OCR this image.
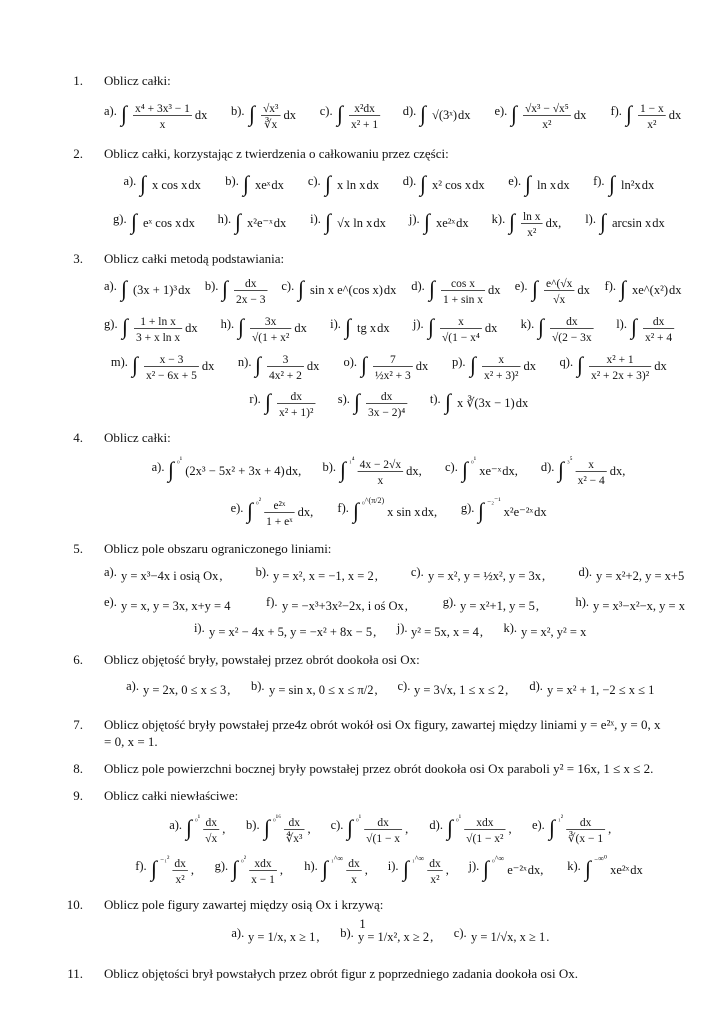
1.	Oblicz całki:
a). ∫ x⁴ + 3x³ − 1
x
dx b). ∫ √x³
∛x
dx c). ∫ x²dx
x² + 1
d). ∫ √(3ˣ) dx e). ∫ √x³ − √x⁵
x²
dx f). ∫ 1 − x
x²
dx
2.	Oblicz całki, korzystając z twierdzenia o całkowaniu przez części:
a). ∫ x cos x dx b). ∫ xeˣ dx c). ∫ x ln x dx d). ∫ x² cos x dx e). ∫ ln x dx f). ∫ ln²x dx
g). ∫ eˣ cos x dx h). ∫ x²e⁻ˣ dx i). ∫ √x ln x dx j). ∫ xe²ˣ dx k). ∫ ln x
x²
dx, l). ∫ arcsin x dx
3.	Oblicz całki metodą podstawiania:
a). ∫ (3x + 1)³ dx b). ∫ dx
2x − 3
c). ∫ sin x e^(cos x) dx d). ∫ cos x
1 + sin x
dx e). ∫ e^(√x
√x
dx f). ∫ xe^(x²) dx
g). ∫ 1 + ln x
3 + x ln x
dx h). ∫ 3x
√(1 + x²
dx i). ∫ tg x dx j). ∫ x
√(1 − x⁴
dx k). ∫ dx
√(2 − 3x
l). ∫ dx
x² + 4
m). ∫ x − 3
x² − 6x + 5
dx n). ∫ 3
4x² + 2
dx o). ∫ 7
½x² + 3
dx p). ∫ x
x² + 3)²
dx q). ∫ x² + 1
x² + 2x + 3)²
dx
r). ∫ dx
x² + 1)²
s). ∫ dx
3x − 2)⁴
t). ∫ x ∛(3x − 1) dx
4.	Oblicz całki:
a). ∫ ₀¹
(2x³ − 5x² + 3x + 4) dx, b). ∫ ₁⁴ 4x − 2√x
x
dx, c). ∫ ₀¹
xe⁻ˣ dx, d). ∫ ₃⁵ x
x² − 4
dx,
e). ∫ ₀² e²ˣ
1 + eˣ
dx, f). ∫ ₀^(π/2)
x sin x dx, g). ∫ ₋₂⁻¹
x²e⁻²ˣ dx
5.	Oblicz pole obszaru ograniczonego liniami:
a). y = x³−4x i osią Ox ,	b). y = x², x = −1, x = 2 ,	c). y = x², y = ½x², y = 3x ,	d). y = x²+2, y = x+5
e). y = x, y = 3x, x+y = 4	f). y = −x³+3x²−2x, i oś Ox ,	g). y = x²+1, y = 5 ,	h). y = x³−x²−x, y = x
i). y = x² − 4x + 5, y = −x² + 8x − 5 , j). y² = 5x, x = 4 , k). y = x², y² = x
6.	Oblicz objętość bryły, powstałej przez obrót dookoła osi Ox:
a). y = 2x, 0 ≤ x ≤ 3 , b). y = sin x, 0 ≤ x ≤ π/2 , c). y = 3√x, 1 ≤ x ≤ 2 , d). y = x² + 1, −2 ≤ x ≤ 1
7.	Oblicz objętość bryły powstałej prze4z obrót wokół osi Ox figury, zawartej między liniami y = e²ˣ, y = 0, x = 0, x = 1.
8.	Oblicz pole powierzchni bocznej bryły powstałej przez obrót dookoła osi Ox paraboli y² = 16x, 1 ≤ x ≤ 2.
9.	Oblicz całki niewłaściwe:
a). ∫ ₀¹ dx
√x
, b). ∫ ₀¹⁶ dx
∜x³
, c). ∫ ₀¹ dx
√(1 − x
, d). ∫ ₀¹ xdx
√(1 − x²
, e). ∫ ₁² dx
∛(x − 1
,
f). ∫ ₋₁² dx
x²
, g). ∫ ₀² xdx
x − 1
, h). ∫ ₁^∞ dx
x
, i). ∫ ₁^∞ dx
x²
, j). ∫ ₀^∞
e⁻²ˣ dx, k). ∫ ₋∞⁰
xe²ˣ dx
10.	Oblicz pole figury zawartej między osią Ox i krzywą:
a). y = 1/x, x ≥ 1 , b). y = 1/x², x ≥ 2 , c). y = 1/√x, x ≥ 1 .
11.	Oblicz objętości brył powstałych przez obrót figur z poprzedniego zadania dookoła osi Ox.
1
